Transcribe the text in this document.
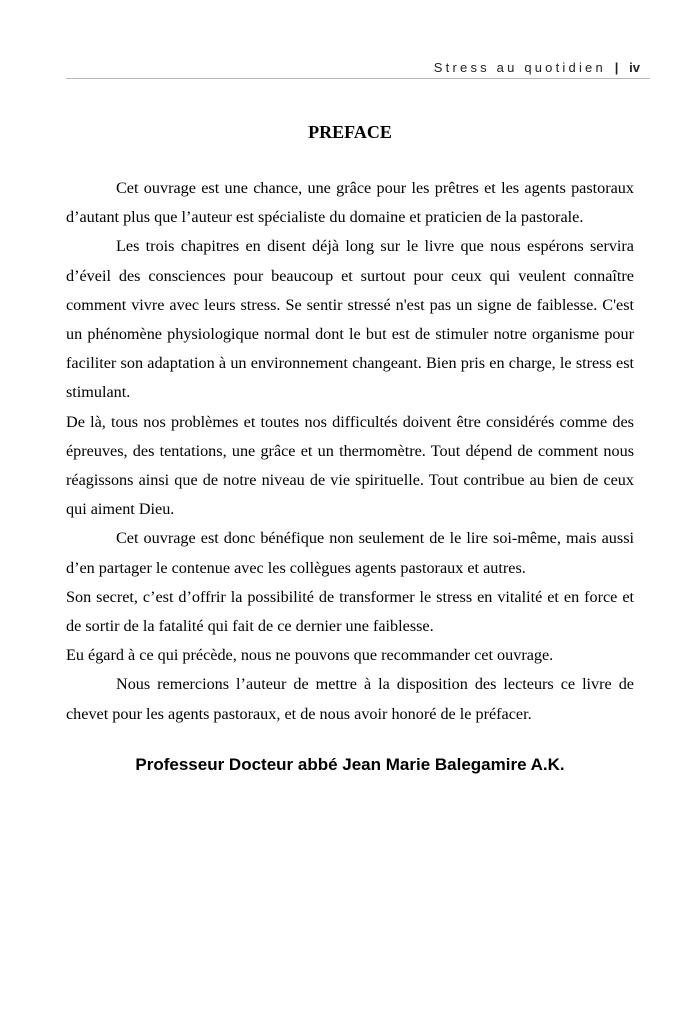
Stress au quotidien | iv
PREFACE

Cet ouvrage est une chance, une grâce pour les prêtres et les agents pastoraux d’autant plus que l’auteur est spécialiste du domaine et praticien de la pastorale.

Les trois chapitres en disent déjà long sur le livre que nous espérons servira d’éveil des consciences pour beaucoup et surtout pour ceux qui veulent connaître comment vivre avec leurs stress. Se sentir stressé n'est pas un signe de faiblesse. C'est un phénomène physiologique normal dont le but est de stimuler notre organisme pour faciliter son adaptation à un environnement changeant. Bien pris en charge, le stress est stimulant.

De là, tous nos problèmes et toutes nos difficultés doivent être considérés comme des épreuves, des tentations, une grâce et un thermomètre. Tout dépend de comment nous réagissons ainsi que de notre niveau de vie spirituelle. Tout contribue au bien de ceux qui aiment Dieu.

Cet ouvrage est donc bénéfique non seulement de le lire soi-même, mais aussi d’en partager le contenue avec les collègues agents pastoraux et autres.

Son secret, c’est d’offrir la possibilité de transformer le stress en vitalité et en force et de sortir de la fatalité qui fait de ce dernier une faiblesse.

Eu égard à ce qui précède, nous ne pouvons que recommander cet ouvrage.

Nous remercions l’auteur de mettre à la disposition des lecteurs ce livre de chevet pour les agents pastoraux, et de nous avoir honoré de le préfacer.

Professeur Docteur abbé Jean Marie Balegamire A.K.
